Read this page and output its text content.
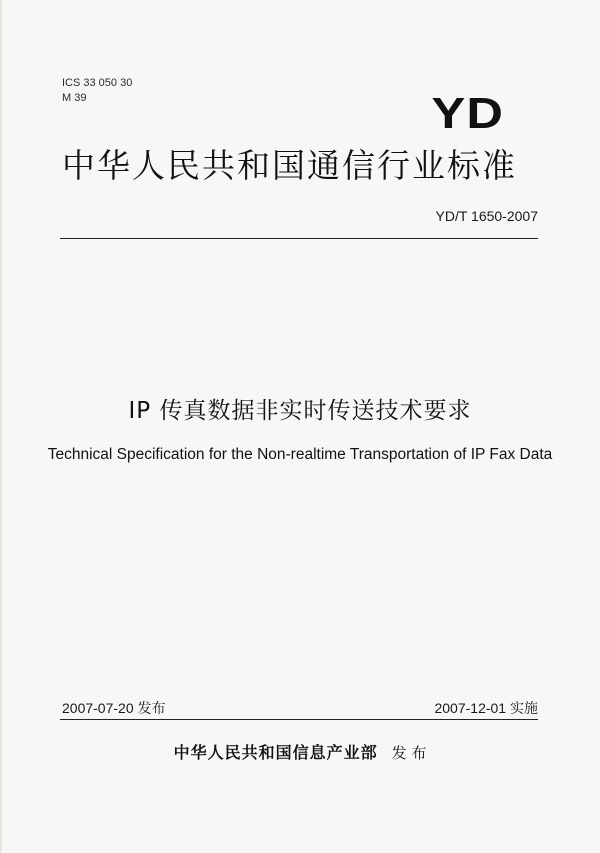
ICS 33 050 30

M 39	YD
中华人民共和国通信行业标准

YD/T 1650-2007

IP 传真数据非实时传送技术要求

Technical Specification for the Non-realtime Transportation of IP Fax Data

2007-07-20 发布	2007-12-01 实施

中华人民共和国信息产业部 发 布
